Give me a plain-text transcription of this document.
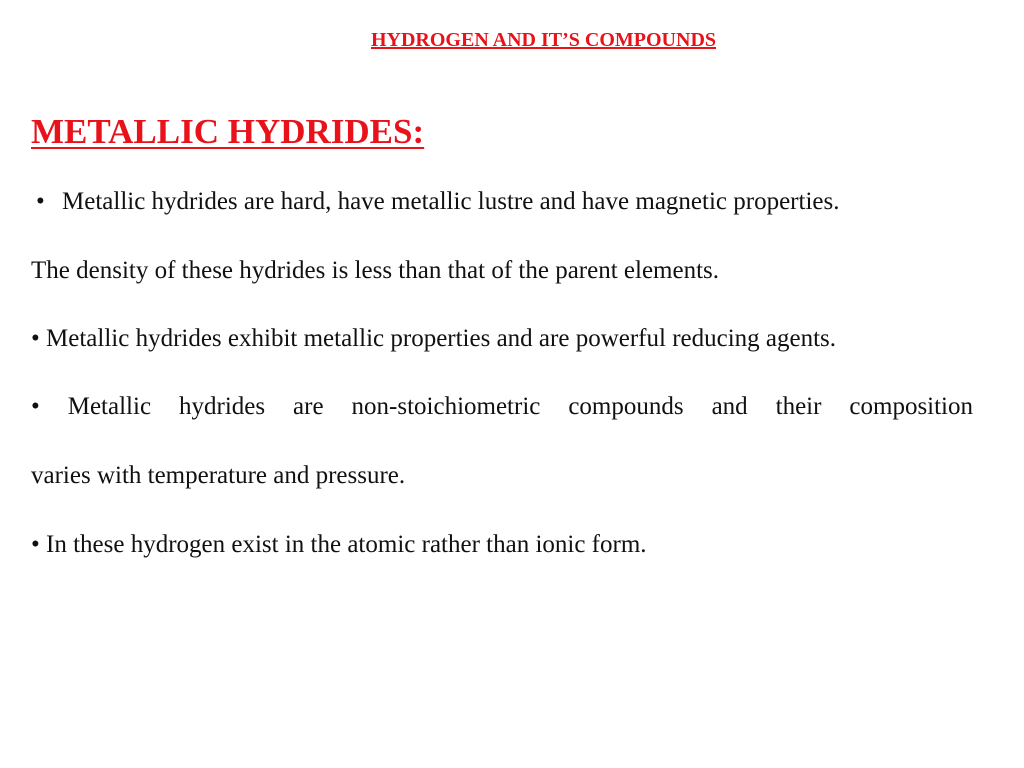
HYDROGEN AND IT’S COMPOUNDS
METALLIC HYDRIDES:
• Metallic hydrides are hard, have metallic lustre and have magnetic properties.
The density of these hydrides is less than that of the parent elements.
• Metallic hydrides exhibit metallic properties and are powerful reducing agents.
• Metallic hydrides are non-stoichiometric compounds and their composition
varies with temperature and pressure.
• In these hydrogen exist in the atomic rather than ionic form.
